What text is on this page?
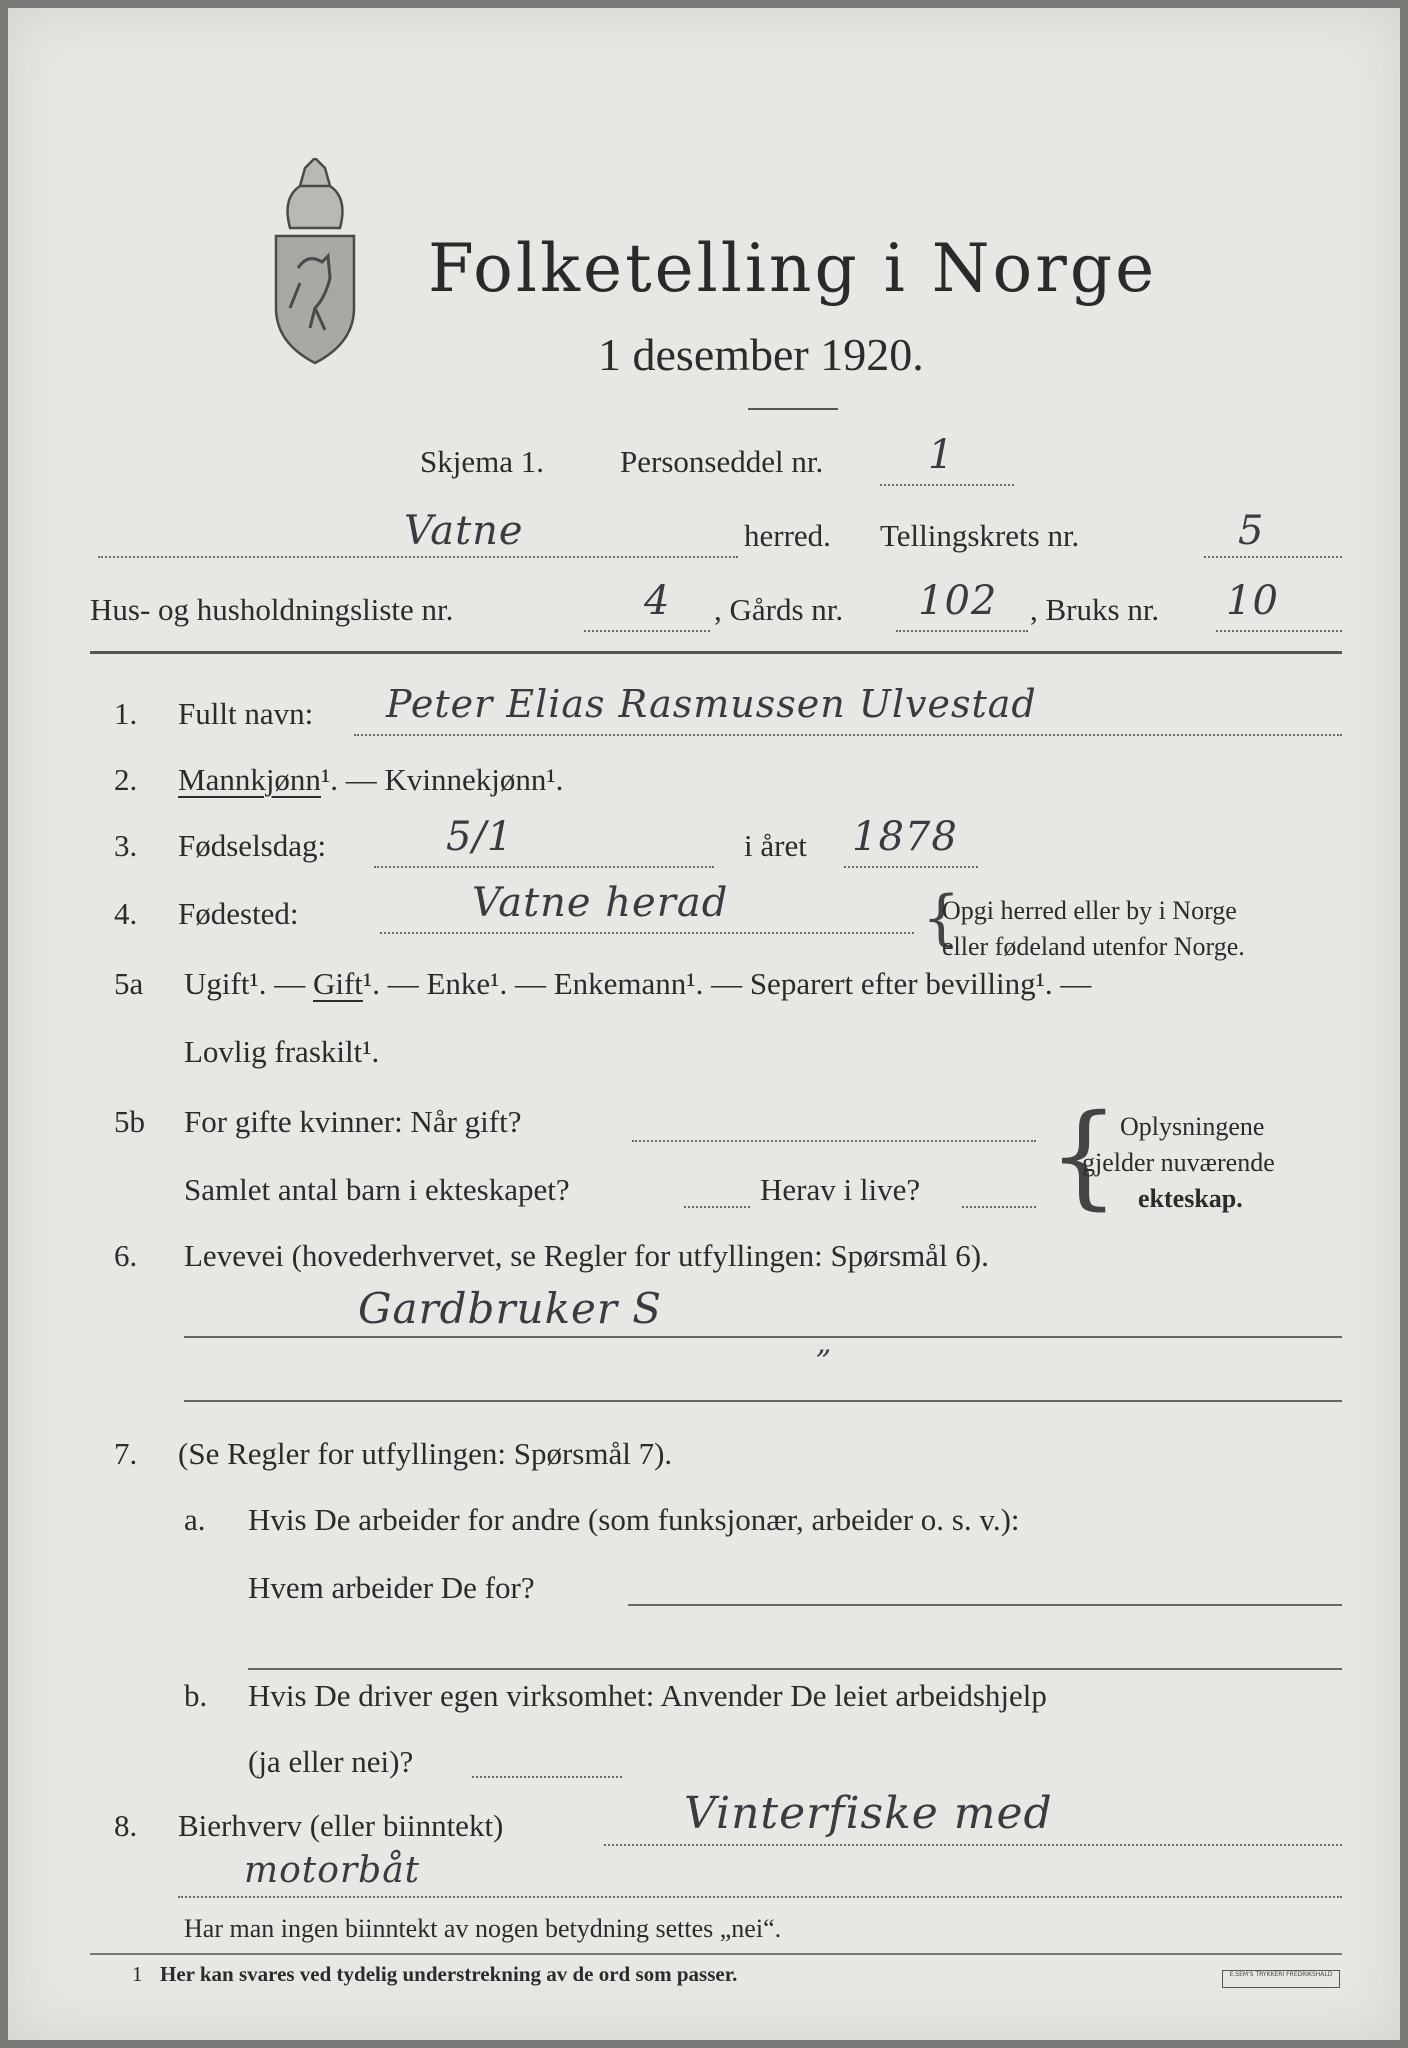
Folketelling i Norge
1 desember 1920.
Skjema 1. Personseddel nr.	1
Vatne	herred. Tellingskrets nr.	5
Hus- og husholdningsliste nr.	4 , Gårds nr. 102 , Bruks nr. 10
1. Fullt navn: Peter Elias Rasmussen Ulvestad
2. Mannkjønn¹. — Kvinnekjønn¹.
3. Fødselsdag:	5/1	i året 1878
4. Fødested:	Vatne herad	{
Opgi herred eller by i Norge
eller fødeland utenfor Norge.
5a Ugift¹. — Gift¹. — Enke¹. — Enkemann¹. — Separert efter bevilling¹. —
Lovlig fraskilt¹.
5b For gifte kvinner: Når gift?
Samlet antal barn i ekteskapet?	Herav i live? { Oplysningene
gjelder nuværende
ekteskap.
6. Levevei (hovederhvervet, se Regler for utfyllingen: Spørsmål 6).
Gardbruker S
„
7. (Se Regler for utfyllingen: Spørsmål 7).
a. Hvis De arbeider for andre (som funksjonær, arbeider o. s. v.):
Hvem arbeider De for?
b. Hvis De driver egen virksomhet: Anvender De leiet arbeidshjelp
(ja eller nei)?
8. Bierhverv (eller biinntekt)	Vinterfiske med
motorbåt
Har man ingen biinntekt av nogen betydning settes „nei“.
1 Her kan svares ved tydelig understrekning av de ord som passer.	E.SEM'S TRYKKERI FREDRIKSHALD
